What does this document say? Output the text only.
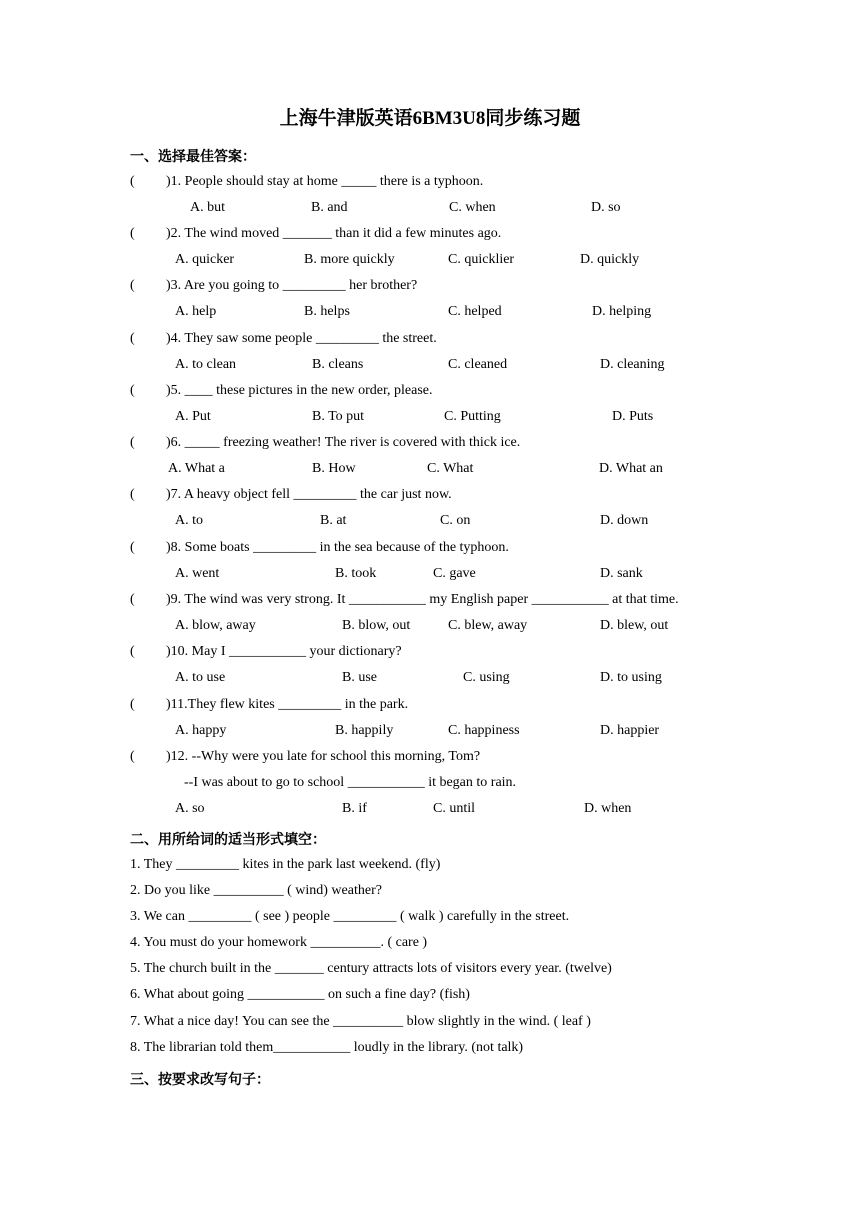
上海牛津版英语6BM3U8同步练习题
一、选择最佳答案：
( )1. People should stay at home _____ there is a typhoon.
A. but	B. and	C. when	D. so
( )2. The wind moved _______ than it did a few minutes ago.
A. quicker	B. more quickly	C. quicklier	D. quickly
( )3. Are you going to _________ her brother?
A. help	B. helps	C. helped	D. helping
( )4. They saw some people _________ the street.
A. to clean	B. cleans	C. cleaned	D. cleaning
( )5. ____ these pictures in the new order, please.
A. Put	B. To put	C. Putting	D. Puts
( )6. _____ freezing weather! The river is covered with thick ice.
A. What a	B. How	C. What	D. What an
( )7. A heavy object fell _________ the car just now.
A. to	B. at	C. on	D. down
( )8. Some boats _________ in the sea because of the typhoon.
A. went	B. took	C. gave	D. sank
( )9. The wind was very strong. It ___________ my English paper ___________ at that time.
A. blow, away	B. blow, out	C. blew, away	D. blew, out
( )10. May I ___________ your dictionary?
A. to use	B. use	C. using	D. to using
( )11.They flew kites _________ in the park.
A. happy	B. happily	C. happiness	D. happier
( )12. --Why were you late for school this morning, Tom?
--I was about to go to school ___________ it began to rain.
A. so	B. if	C. until	D. when
二、用所给词的适当形式填空：
1. They _________ kites in the park last weekend. (fly)
2. Do you like __________ ( wind) weather?
3. We can _________ ( see ) people _________ ( walk ) carefully in the street.
4. You must do your homework __________. ( care )
5. The church built in the _______ century attracts lots of visitors every year. (twelve)
6. What about going ___________ on such a fine day? (fish)
7. What a nice day! You can see the __________ blow slightly in the wind. ( leaf )
8. The librarian told them___________ loudly in the library. (not talk)
三、按要求改写句子：
